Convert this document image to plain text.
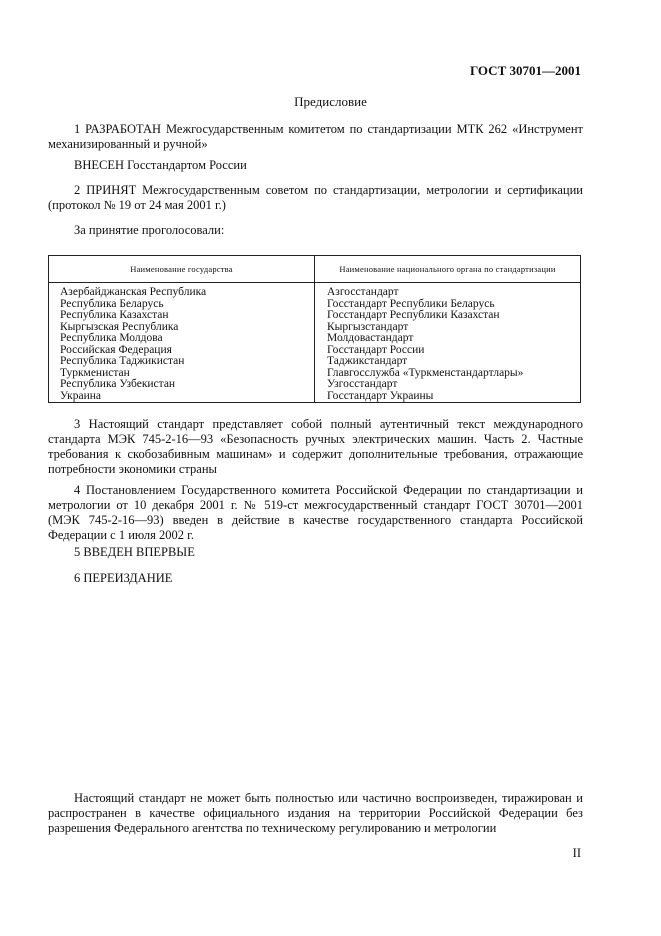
ГОСТ 30701—2001
Предисловие
1 РАЗРАБОТАН Межгосударственным комитетом по стандартизации МТК 262 «Инструмент механизированный и ручной»
ВНЕСЕН Госстандартом России
2 ПРИНЯТ Межгосударственным советом по стандартизации, метрологии и сертификации (протокол № 19 от 24 мая 2001 г.)
За принятие проголосовали:
Наименование государства	Наименование национального органа по стандартизации
Азербайджанская Республика
Республика Беларусь
Республика Казахстан
Кыргызская Республика
Республика Молдова
Российская Федерация
Республика Таджикистан
Туркменистан
Республика Узбекистан
Украина
Азгосстандарт
Госстандарт Республики Беларусь
Госстандарт Республики Казахстан
Кыргызстандарт
Молдовастандарт
Госстандарт России
Таджикстандарт
Главгосслужба «Туркменстандартлары»
Узгосстандарт
Госстандарт Украины
3 Настоящий стандарт представляет собой полный аутентичный текст международного стандарта МЭК 745-2-16—93 «Безопасность ручных электрических машин. Часть 2. Частные требования к скобозабивным машинам» и содержит дополнительные требования, отражающие потребности экономики страны
4 Постановлением Государственного комитета Российской Федерации по стандартизации и метрологии от 10 декабря 2001 г. № 519-ст межгосударственный стандарт ГОСТ 30701—2001 (МЭК 745-2-16—93) введен в действие в качестве государственного стандарта Российской Федерации с 1 июля 2002 г.
5 ВВЕДЕН ВПЕРВЫЕ
6 ПЕРЕИЗДАНИЕ
Настоящий стандарт не может быть полностью или частично воспроизведен, тиражирован и распространен в качестве официального издания на территории Российской Федерации без разрешения Федерального агентства по техническому регулированию и метрологии
II
